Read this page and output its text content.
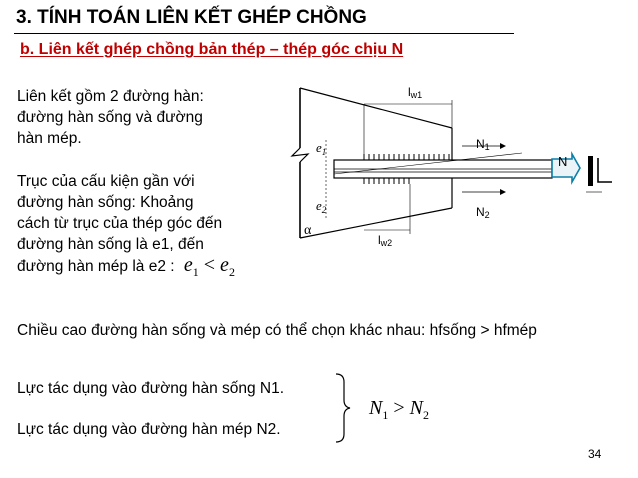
3. TÍNH TOÁN LIÊN KẾT GHÉP CHỒNG
b. Liên kết ghép chồng bản thép – thép góc chịu N
Liên kết gồm 2 đường hàn:
đường hàn sống và đường
hàn mép.
Trục của cấu kiện gần với
đường hàn sống: Khoảng
cách từ trục của thép góc đến
đường hàn sống là e1, đến
đường hàn mép là e2 : $e_1 < e_2$
lw1
lw2
N1
N2
N
α
$e_1$
$e_2$
Chiều cao đường hàn sống và mép có thể chọn khác nhau: hfsống > hfmép
Lực tác dụng vào đường hàn sống N1.
Lực tác dụng vào đường hàn mép N2.
$N_1 > N_2$
34
